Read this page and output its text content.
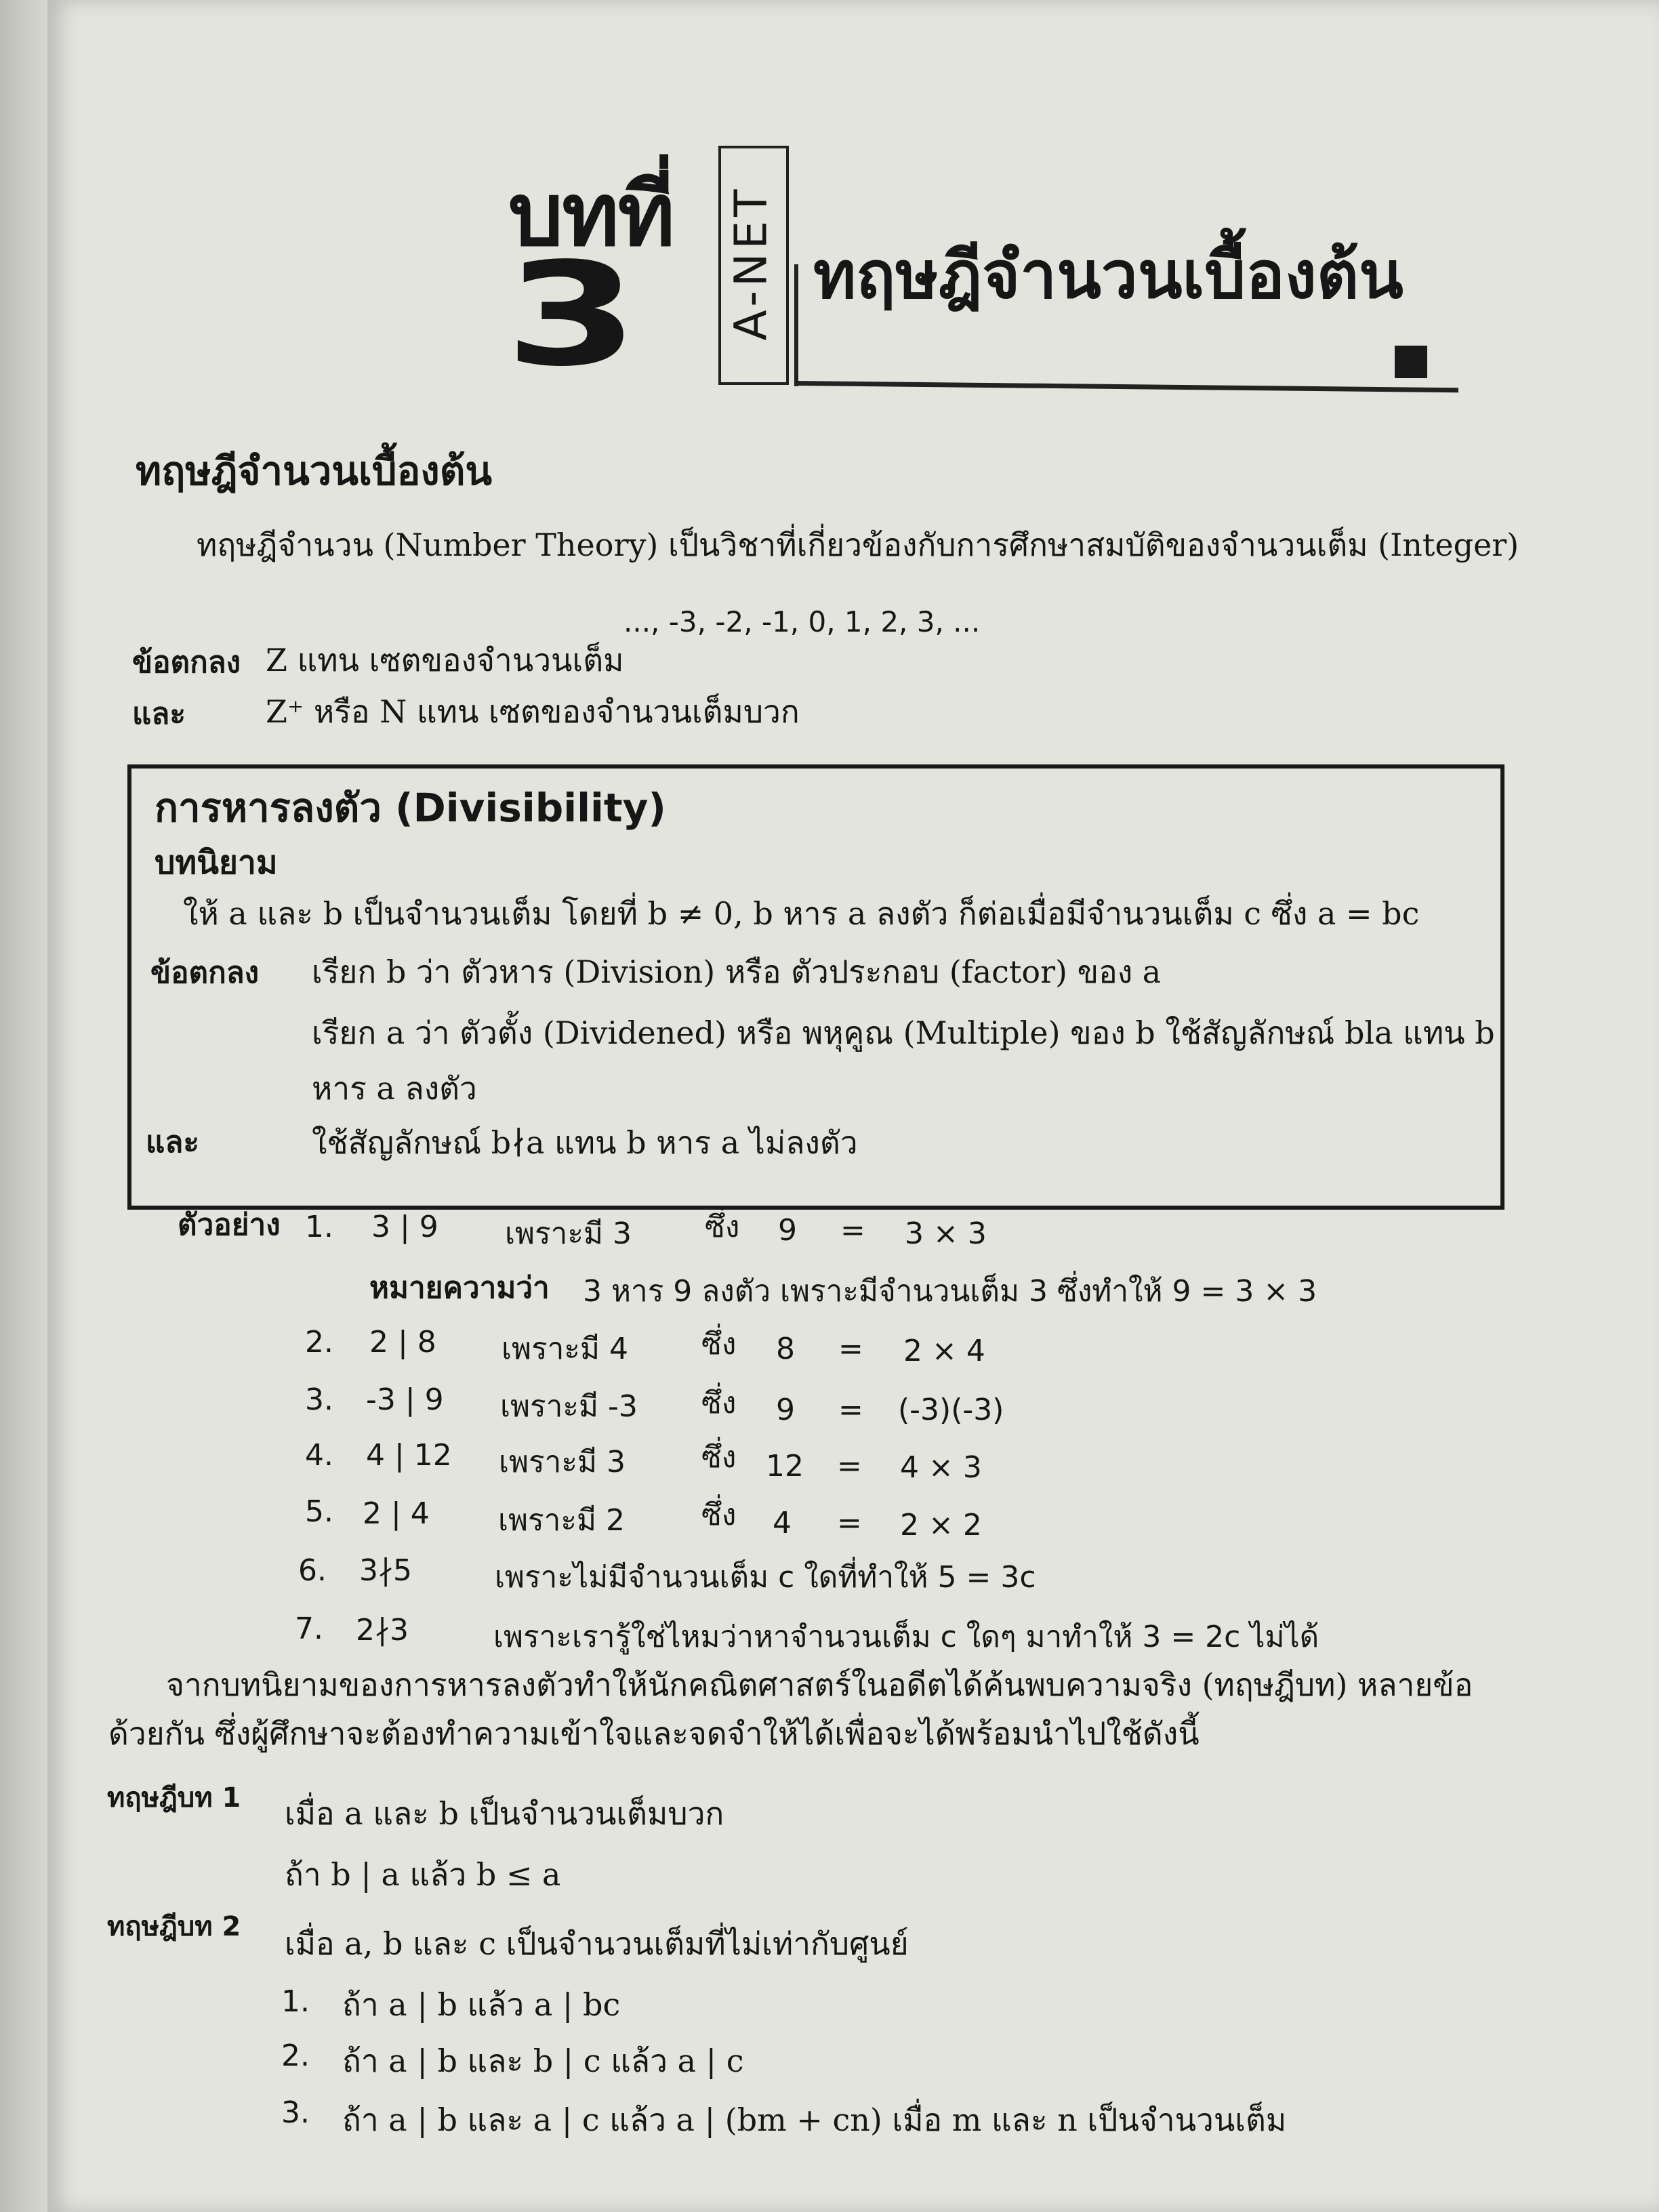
บทที่
3 A-NET ทฤษฎีจำนวนเบื้องต้น
ทฤษฎีจำนวนเบื้องต้น
ทฤษฎีจำนวน (Number Theory) เป็นวิชาที่เกี่ยวข้องกับการศึกษาสมบัติของจำนวนเต็ม (Integer)
..., -3, -2, -1, 0, 1, 2, 3, ...
ข้อตกลง Z แทน เซตของจำนวนเต็ม
และ	Z⁺ หรือ N แทน เซตของจำนวนเต็มบวก
การหารลงตัว (Divisibility)
บทนิยาม
ให้ a และ b เป็นจำนวนเต็ม โดยที่ b ≠ 0, b หาร a ลงตัว ก็ต่อเมื่อมีจำนวนเต็ม c ซึ่ง a = bc
ข้อตกลง เรียก b ว่า ตัวหาร (Division) หรือ ตัวประกอบ (factor) ของ a
เรียก a ว่า ตัวตั้ง (Dividened) หรือ พหุคูณ (Multiple) ของ b ใช้สัญลักษณ์ bla แทน b
หาร a ลงตัว
และ	ใช้สัญลักษณ์ b∤a แทน b หาร a ไม่ลงตัว
ตัวอย่าง 1. 3 | 9 เพราะมี 3 ซึ่ง 9 = 3 × 3
หมายความว่า 3 หาร 9 ลงตัว เพราะมีจำนวนเต็ม 3 ซึ่งทำให้ 9 = 3 × 3
2. 2 | 8 เพราะมี 4 ซึ่ง 8 = 2 × 4
3. -3 | 9 เพราะมี -3 ซึ่ง 9 = (-3)(-3)
4. 4 | 12 เพราะมี 3	ซึ่ง 12 = 4 × 3
5. 2 | 4 เพราะมี 2	ซึ่ง 4 = 2 × 2
6. 3∤5	เพราะไม่มีจำนวนเต็ม c ใดที่ทำให้ 5 = 3c
7. 2∤3	เพราะเรารู้ใช่ไหมว่าหาจำนวนเต็ม c ใดๆ มาทำให้ 3 = 2c ไม่ได้
จากบทนิยามของการหารลงตัวทำให้นักคณิตศาสตร์ในอดีตได้ค้นพบความจริง (ทฤษฎีบท) หลายข้อ
ด้วยกัน ซึ่งผู้ศึกษาจะต้องทำความเข้าใจและจดจำให้ได้เพื่อจะได้พร้อมนำไปใช้ดังนี้
ทฤษฎีบท 1 เมื่อ a และ b เป็นจำนวนเต็มบวก
ถ้า b | a แล้ว b ≤ a
ทฤษฎีบท 2 เมื่อ a, b และ c เป็นจำนวนเต็มที่ไม่เท่ากับศูนย์
1. ถ้า a | b แล้ว a | bc
2. ถ้า a | b และ b | c แล้ว a | c
3. ถ้า a | b และ a | c แล้ว a | (bm + cn) เมื่อ m และ n เป็นจำนวนเต็ม
